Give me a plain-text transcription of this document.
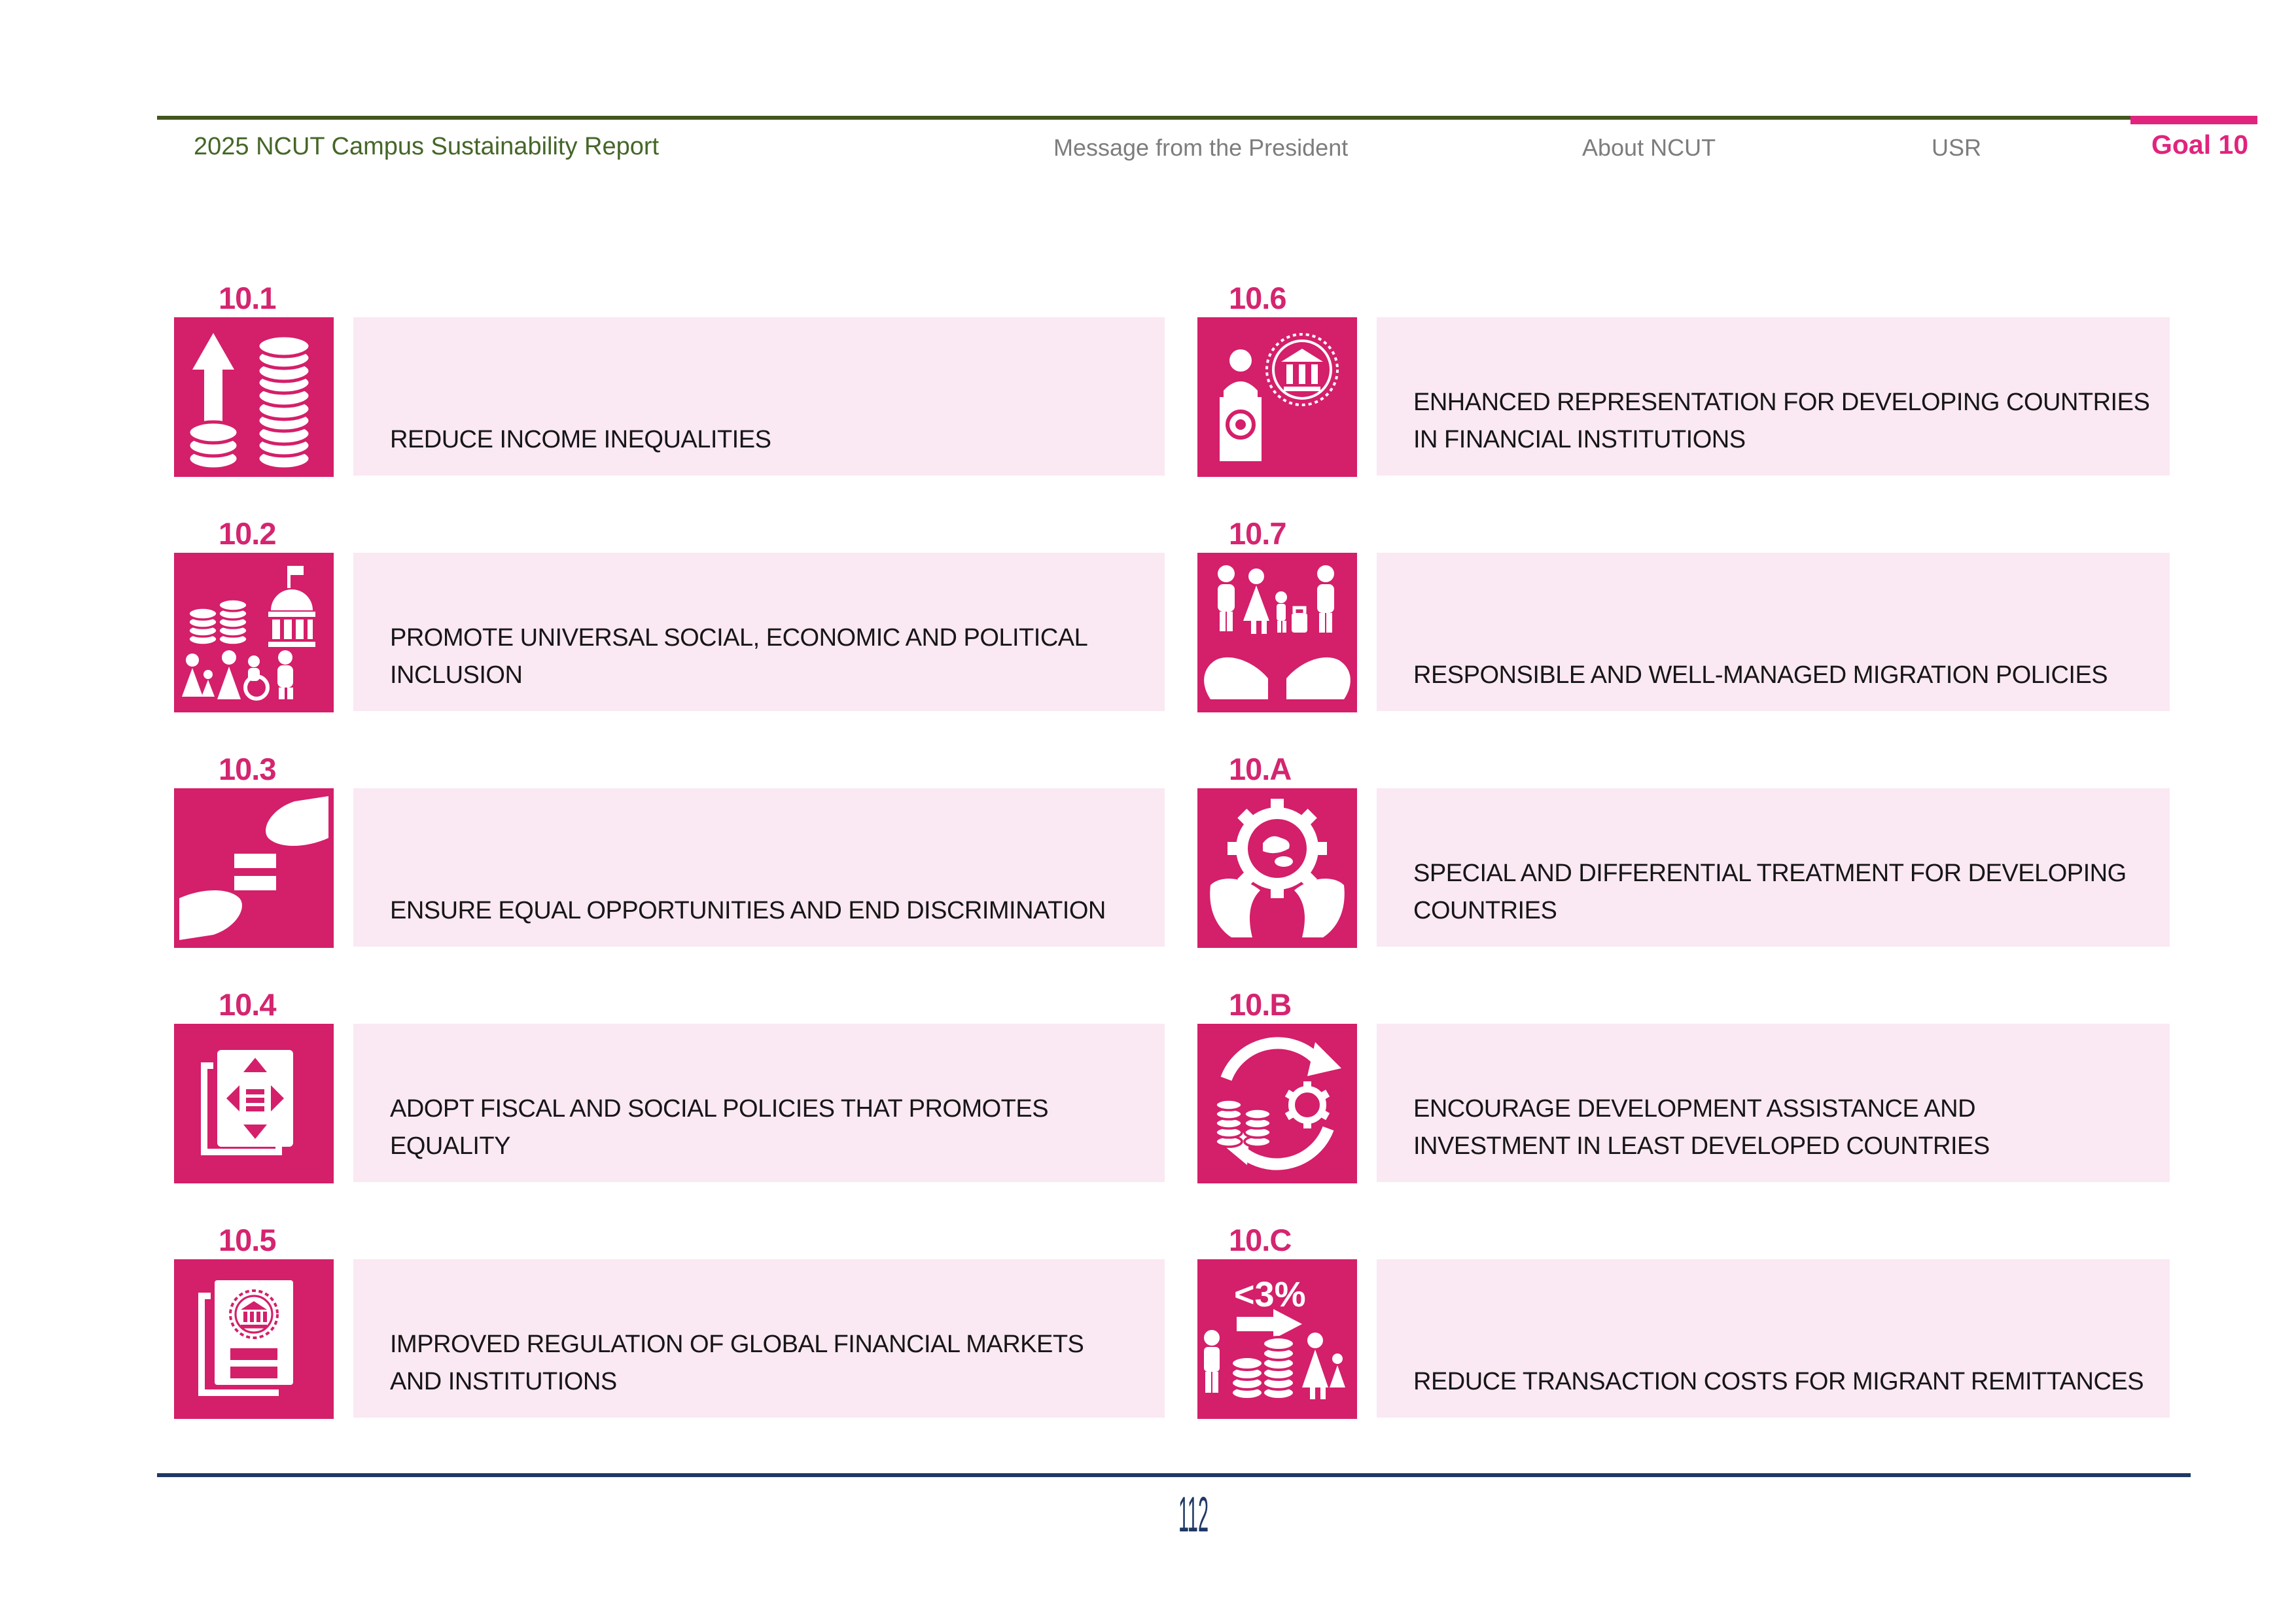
2025 NCUT Campus Sustainability Report	Message from the President	About NCUT	USR	Goal 10
10.1
REDUCE INCOME INEQUALITIES
10.2
PROMOTE UNIVERSAL SOCIAL, ECONOMIC AND POLITICAL
INCLUSION
10.3
ENSURE EQUAL OPPORTUNITIES AND END DISCRIMINATION
10.4
ADOPT FISCAL AND SOCIAL POLICIES THAT PROMOTES
EQUALITY
10.5
IMPROVED REGULATION OF GLOBAL FINANCIAL MARKETS
AND INSTITUTIONS
10.6
ENHANCED REPRESENTATION FOR DEVELOPING COUNTRIES
IN FINANCIAL INSTITUTIONS
10.7
RESPONSIBLE AND WELL-MANAGED MIGRATION POLICIES
10.A
SPECIAL AND DIFFERENTIAL TREATMENT FOR DEVELOPING
COUNTRIES
10.B
ENCOURAGE DEVELOPMENT ASSISTANCE AND
INVESTMENT IN LEAST DEVELOPED COUNTRIES
10.C
<3%
REDUCE TRANSACTION COSTS FOR MIGRANT REMITTANCES
112
